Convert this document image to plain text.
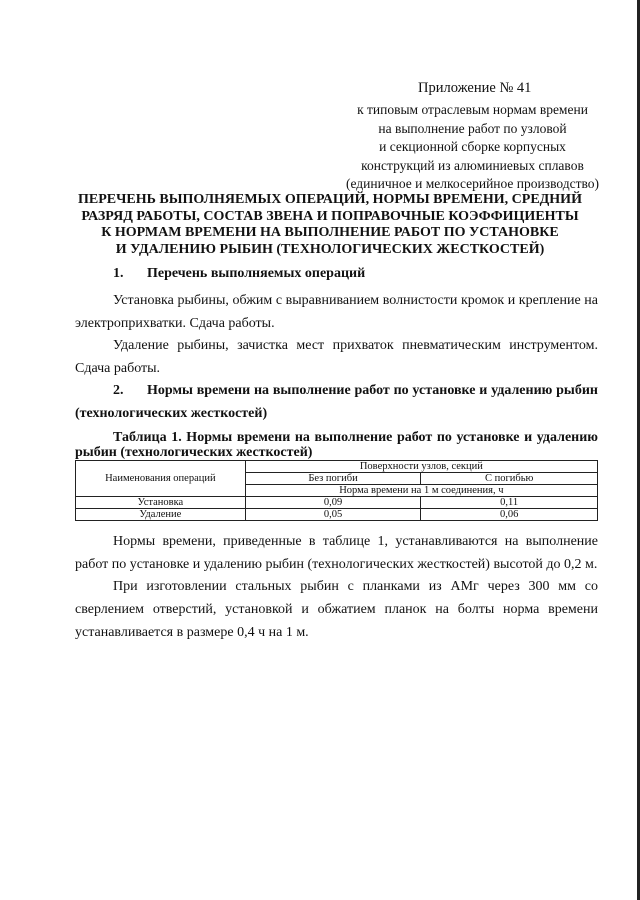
Приложение № 41
к типовым отраслевым нормам времени
на выполнение работ по узловой
и секционной сборке корпусных
конструкций из алюминиевых сплавов
(единичное и мелкосерийное производство)
ПЕРЕЧЕНЬ ВЫПОЛНЯЕМЫХ ОПЕРАЦИЙ, НОРМЫ ВРЕМЕНИ, СРЕДНИЙ
РАЗРЯД РАБОТЫ, СОСТАВ ЗВЕНА И ПОПРАВОЧНЫЕ КОЭФФИЦИЕНТЫ
К НОРМАМ ВРЕМЕНИ НА ВЫПОЛНЕНИЕ РАБОТ ПО УСТАНОВКЕ
И УДАЛЕНИЮ РЫБИН (ТЕХНОЛОГИЧЕСКИХ ЖЕСТКОСТЕЙ)
1. Перечень выполняемых операций
Установка рыбины, обжим с выравниванием волнистости кромок и крепление на электроприхватки. Сдача работы.
Удаление рыбины, зачистка мест прихваток пневматическим инструментом. Сдача работы.
2.	Нормы времени на выполнение работ по установке и удалению рыбин (технологических жесткостей)
Таблица 1. Нормы времени на выполнение работ по установке и удалению рыбин (технологических жесткостей)
Наименования операций	Поверхности узлов, секций	
	Без погиби	С погибью
	Норма времени на 1 м соединения, ч	
Установка	0,09	0,11
Удаление	0,05	0,06
Нормы времени, приведенные в таблице 1, устанавливаются на выполнение работ по установке и удалению рыбин (технологических жесткостей) высотой до 0,2 м.
При изготовлении стальных рыбин с планками из АМг через 300 мм со сверлением отверстий, установкой и обжатием планок на болты норма времени устанавливается в размере 0,4 ч на 1 м.
